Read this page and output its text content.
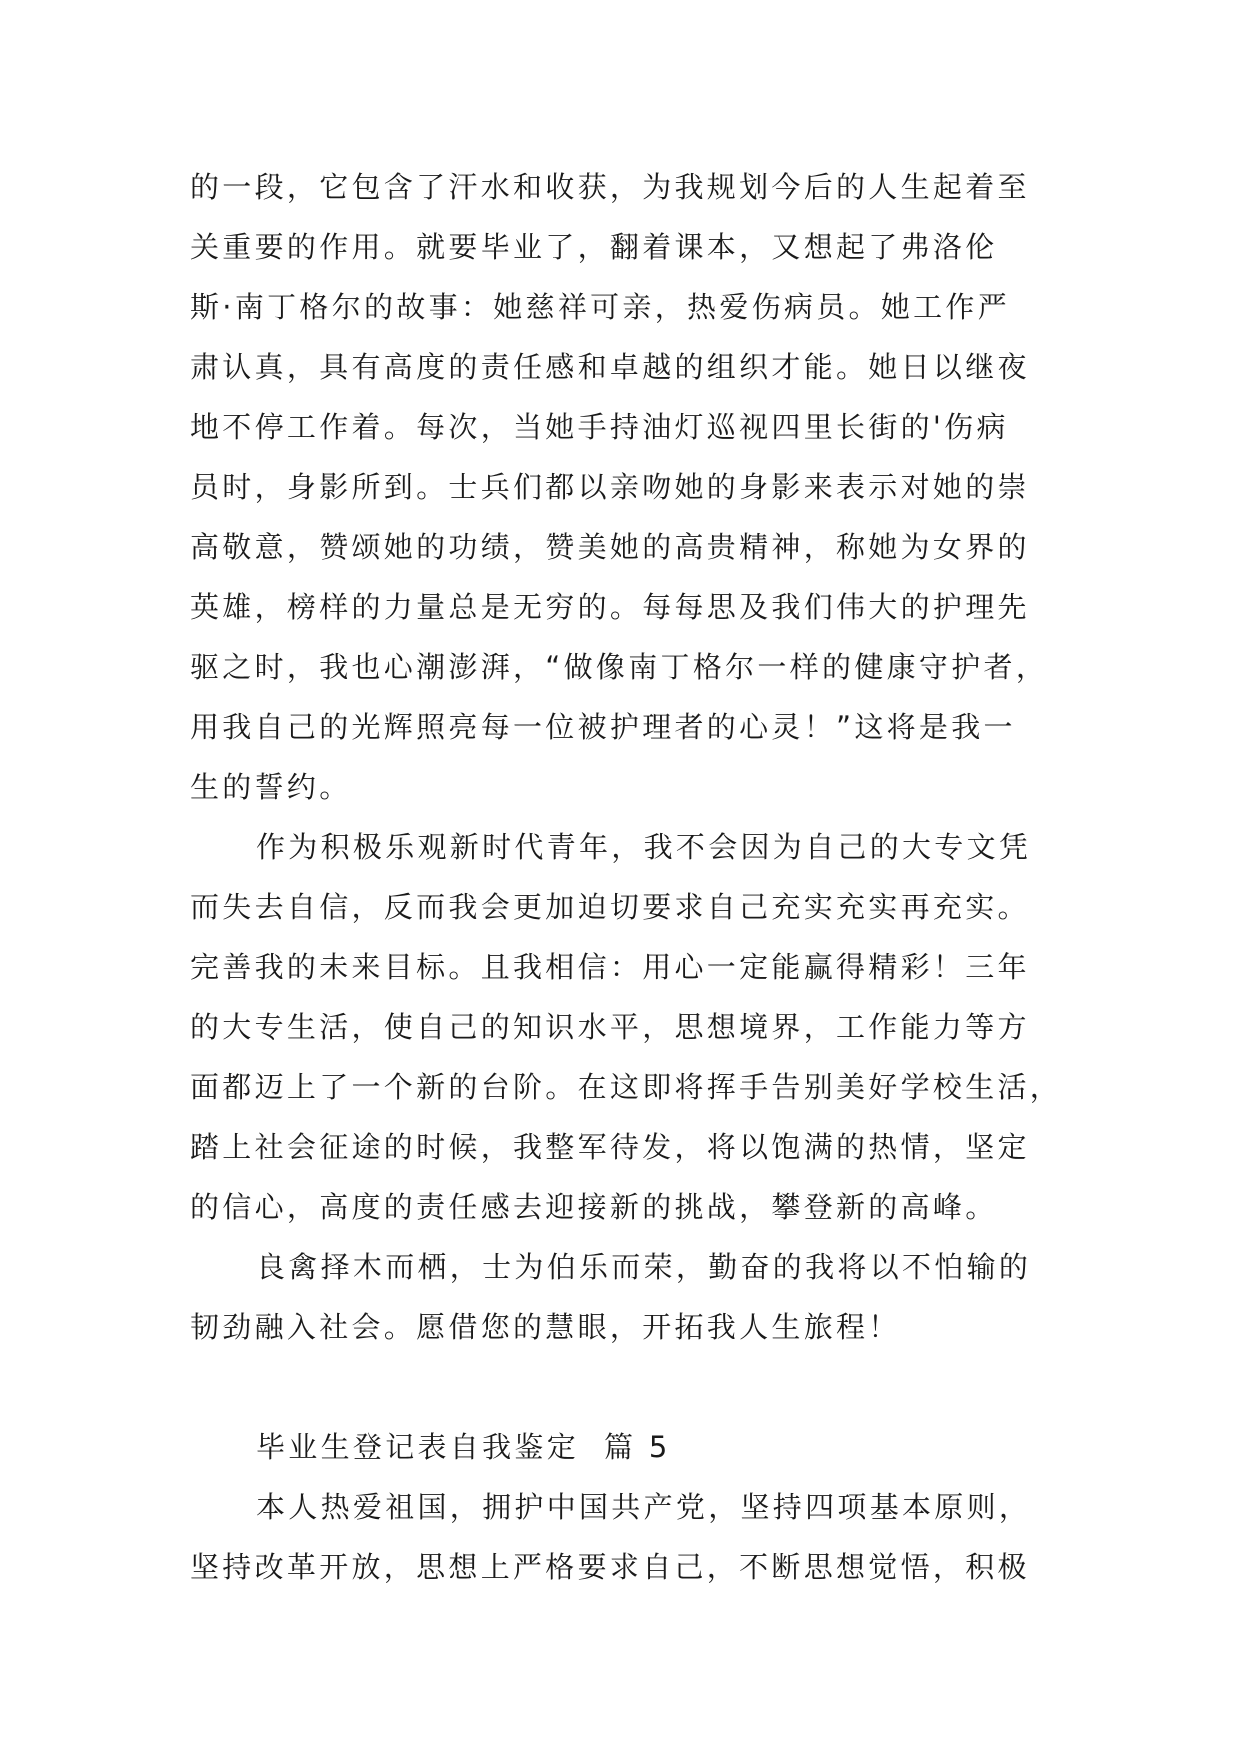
的一段，它包含了汗水和收获，为我规划今后的人生起着至
关重要的作用。就要毕业了，翻着课本，又想起了弗洛伦
斯·南丁格尔的故事：她慈祥可亲，热爱伤病员。她工作严
肃认真，具有高度的责任感和卓越的组织才能。她日以继夜
地不停工作着。每次，当她手持油灯巡视四里长街的'伤病
员时，身影所到。士兵们都以亲吻她的身影来表示对她的崇
高敬意，赞颂她的功绩，赞美她的高贵精神，称她为女界的
英雄，榜样的力量总是无穷的。每每思及我们伟大的护理先
驱之时，我也心潮澎湃，“做像南丁格尔一样的健康守护者，
用我自己的光辉照亮每一位被护理者的心灵！”这将是我一
生的誓约。
作为积极乐观新时代青年，我不会因为自己的大专文凭
而失去自信，反而我会更加迫切要求自己充实充实再充实。
完善我的未来目标。且我相信：用心一定能赢得精彩！三年
的大专生活，使自己的知识水平，思想境界，工作能力等方
面都迈上了一个新的台阶。在这即将挥手告别美好学校生活，
踏上社会征途的时候，我整军待发，将以饱满的热情，坚定
的信心，高度的责任感去迎接新的挑战，攀登新的高峰。
良禽择木而栖，士为伯乐而荣，勤奋的我将以不怕输的
韧劲融入社会。愿借您的慧眼，开拓我人生旅程！
毕业生登记表自我鉴定  篇 5
本人热爱祖国，拥护中国共产党，坚持四项基本原则，
坚持改革开放，思想上严格要求自己，不断思想觉悟，积极
